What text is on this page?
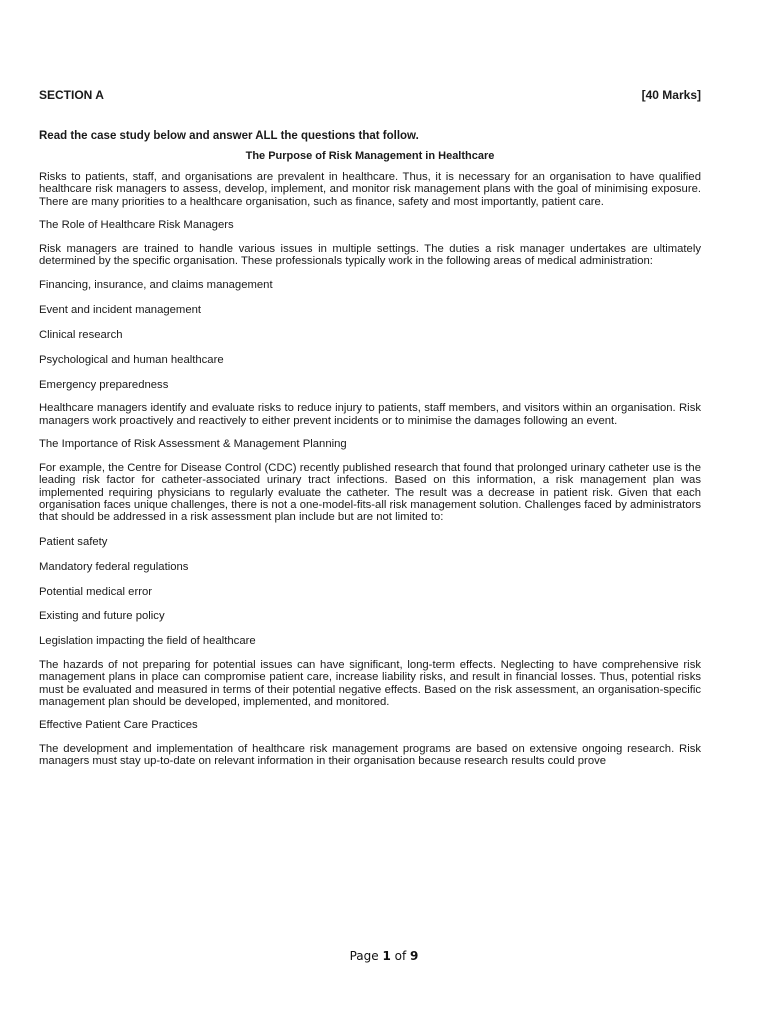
SECTION A	[40 Marks]
Read the case study below and answer ALL the questions that follow.
The Purpose of Risk Management in Healthcare

Risks to patients, staff, and organisations are prevalent in healthcare. Thus, it is necessary for an organisation to have qualified healthcare risk managers to assess, develop, implement, and monitor risk management plans with the goal of minimising exposure. There are many priorities to a healthcare organisation, such as finance, safety and most importantly, patient care.

The Role of Healthcare Risk Managers

Risk managers are trained to handle various issues in multiple settings. The duties a risk manager undertakes are ultimately determined by the specific organisation. These professionals typically work in the following areas of medical administration:

Financing, insurance, and claims management

Event and incident management

Clinical research

Psychological and human healthcare

Emergency preparedness

Healthcare managers identify and evaluate risks to reduce injury to patients, staff members, and visitors within an organisation. Risk managers work proactively and reactively to either prevent incidents or to minimise the damages following an event.

The Importance of Risk Assessment & Management Planning

For example, the Centre for Disease Control (CDC) recently published research that found that prolonged urinary catheter use is the leading risk factor for catheter-associated urinary tract infections. Based on this information, a risk management plan was implemented requiring physicians to regularly evaluate the catheter. The result was a decrease in patient risk. Given that each organisation faces unique challenges, there is not a one-model-fits-all risk management solution. Challenges faced by administrators that should be addressed in a risk assessment plan include but are not limited to:

Patient safety

Mandatory federal regulations

Potential medical error

Existing and future policy

Legislation impacting the field of healthcare

The hazards of not preparing for potential issues can have significant, long-term effects. Neglecting to have comprehensive risk management plans in place can compromise patient care, increase liability risks, and result in financial losses. Thus, potential risks must be evaluated and measured in terms of their potential negative effects. Based on the risk assessment, an organisation-specific management plan should be developed, implemented, and monitored.

Effective Patient Care Practices

The development and implementation of healthcare risk management programs are based on extensive ongoing research. Risk managers must stay up-to-date on relevant information in their organisation because research results could prove

Page 1 of 9
